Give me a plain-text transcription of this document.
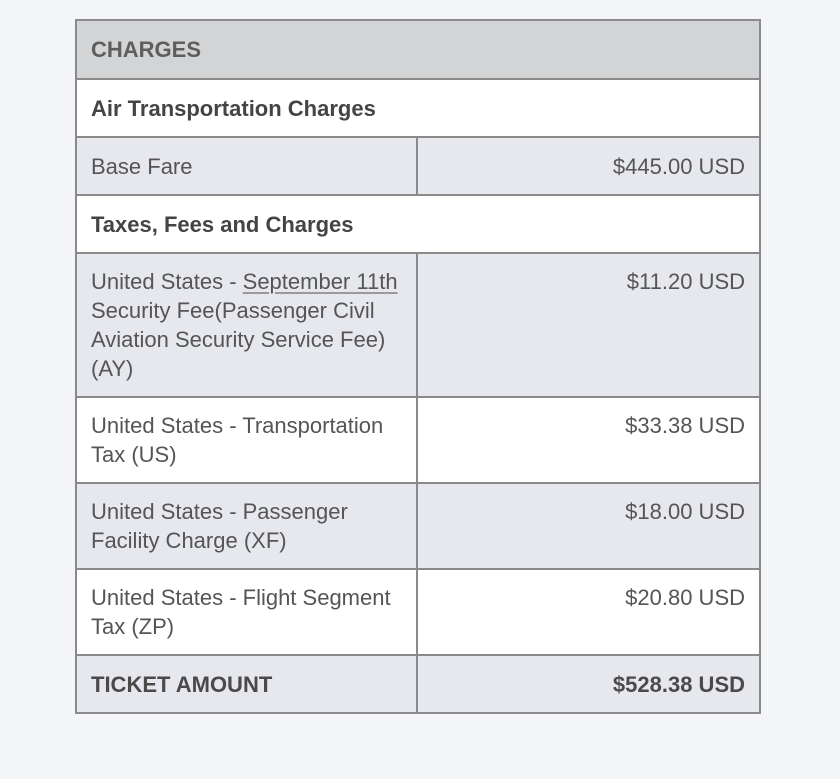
CHARGES	
Air Transportation Charges	
Base Fare	$445.00 USD
Taxes, Fees and Charges	
United States - September 11th Security Fee(Passenger Civil Aviation Security Service Fee) (AY)	$11.20 USD
United States - Transportation Tax (US)	$33.38 USD
United States - Passenger Facility Charge (XF)	$18.00 USD
United States - Flight Segment Tax (ZP)	$20.80 USD
TICKET AMOUNT	$528.38 USD
